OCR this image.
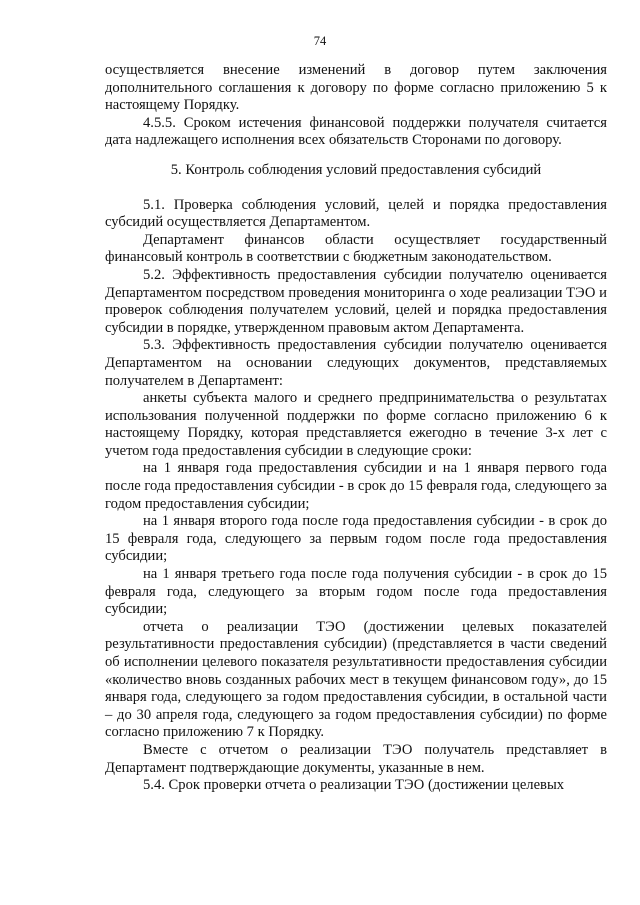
74

осуществляется внесение изменений в договор путем заключения дополнительного соглашения к договору по форме согласно приложению 5 к настоящему Порядку.

4.5.5. Сроком истечения финансовой поддержки получателя считается дата надлежащего исполнения всех обязательств Сторонами по договору.

5. Контроль соблюдения условий предоставления субсидий

5.1. Проверка соблюдения условий, целей и порядка предоставления субсидий осуществляется Департаментом.

Департамент финансов области осуществляет государственный финансовый контроль в соответствии с бюджетным законодательством.

5.2. Эффективность предоставления субсидии получателю оценивается Департаментом посредством проведения мониторинга о ходе реализации ТЭО и проверок соблюдения получателем условий, целей и порядка предоставления субсидии в порядке, утвержденном правовым актом Департамента.

5.3. Эффективность предоставления субсидии получателю оценивается Департаментом на основании следующих документов, представляемых получателем в Департамент:

анкеты субъекта малого и среднего предпринимательства о результатах использования полученной поддержки по форме согласно приложению 6 к настоящему Порядку, которая представляется ежегодно в течение 3-х лет с учетом года предоставления субсидии в следующие сроки:

на 1 января года предоставления субсидии и на 1 января первого года после года предоставления субсидии - в срок до 15 февраля года, следующего за годом предоставления субсидии;

на 1 января второго года после года предоставления субсидии - в срок до 15 февраля года, следующего за первым годом после года предоставления субсидии;

на 1 января третьего года после года получения субсидии - в срок до 15 февраля года, следующего за вторым годом после года предоставления субсидии;

отчета о реализации ТЭО (достижении целевых показателей результативности предоставления субсидии) (представляется в части сведений об исполнении целевого показателя результативности предоставления субсидии «количество вновь созданных рабочих мест в текущем финансовом году», до 15 января года, следующего за годом предоставления субсидии, в остальной части – до 30 апреля года, следующего за годом предоставления субсидии) по форме согласно приложению 7 к Порядку.

Вместе с отчетом о реализации ТЭО получатель представляет в Департамент подтверждающие документы, указанные в нем.

5.4. Срок проверки отчета о реализации ТЭО (достижении целевых
